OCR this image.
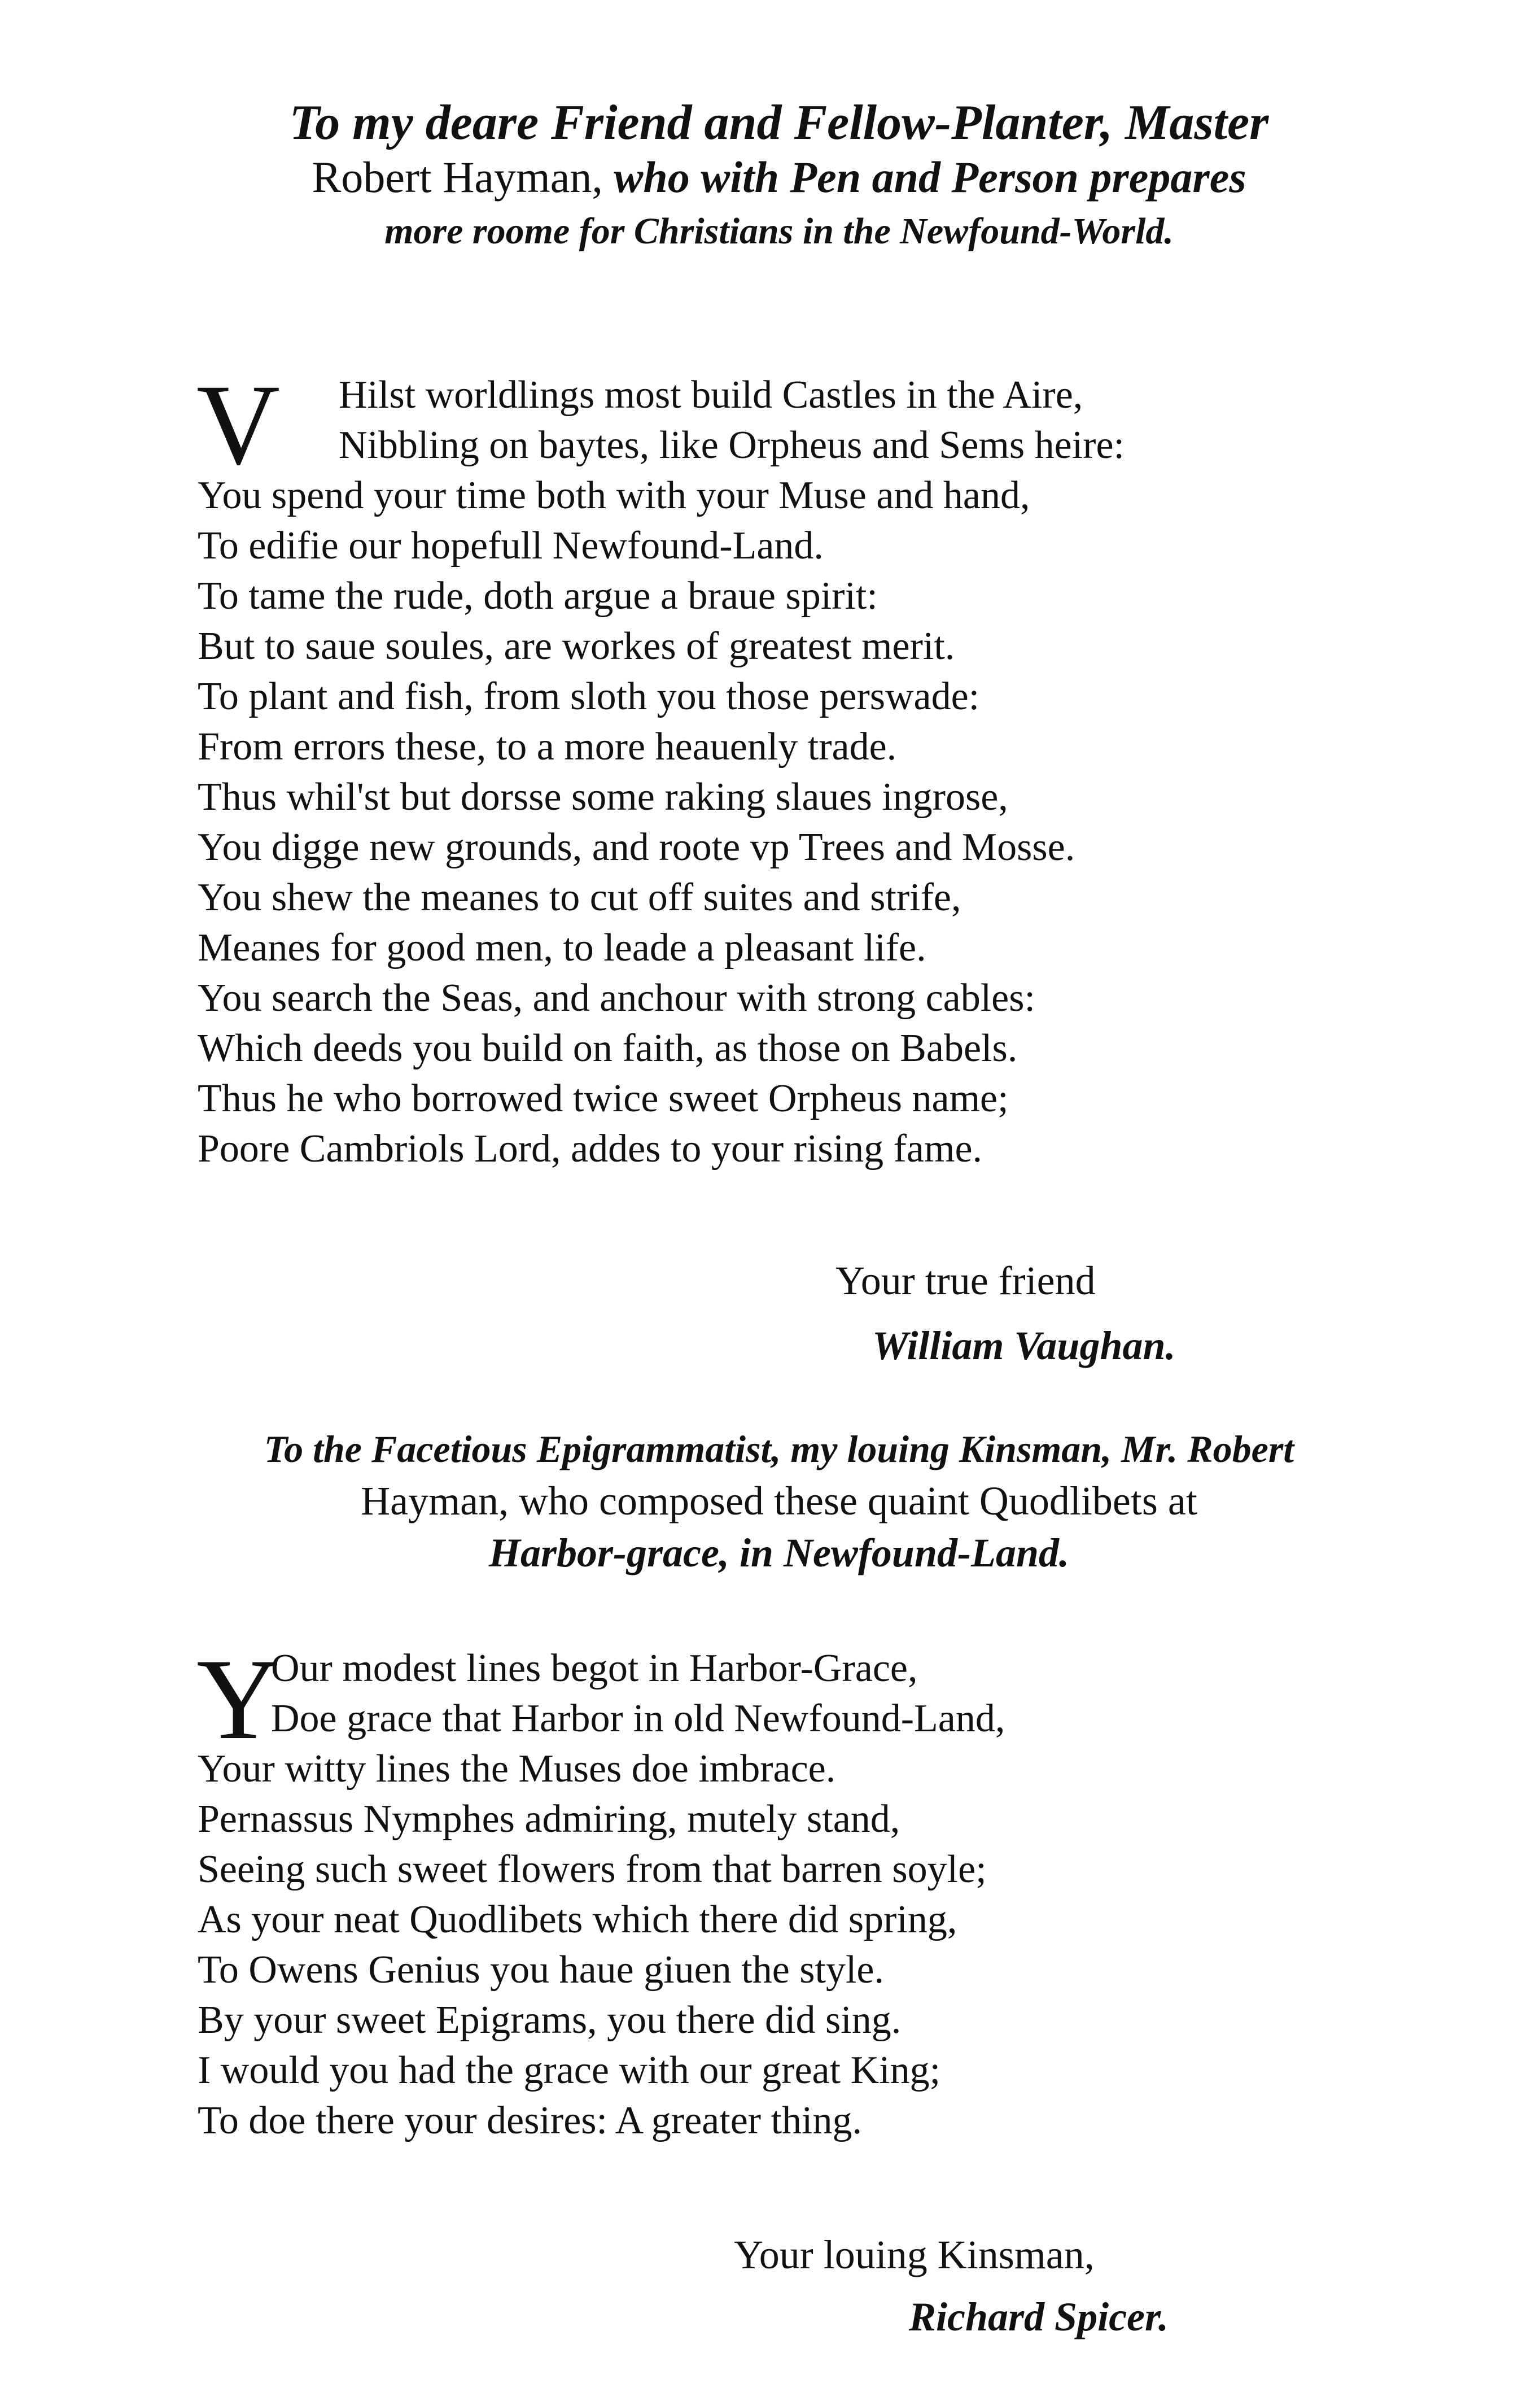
To my deare Friend and Fellow-Planter, Master
Robert Hayman, who with Pen and Person prepares
more roome for Christians in the Newfound-World.
V	Hilst worldlings most build Castles in the Aire,
Nibbling on baytes, like Orpheus and Sems heire:
You spend your time both with your Muse and hand,
To edifie our hopefull Newfound-Land.
To tame the rude, doth argue a braue spirit:
But to saue soules, are workes of greatest merit.
To plant and fish, from sloth you those perswade:
From errors these, to a more heauenly trade.
Thus whil'st but dorsse some raking slaues ingrose,
You digge new grounds, and roote vp Trees and Mosse.
You shew the meanes to cut off suites and strife,
Meanes for good men, to leade a pleasant life.
You search the Seas, and anchour with strong cables:
Which deeds you build on faith, as those on Babels.
Thus he who borrowed twice sweet Orpheus name;
Poore Cambriols Lord, addes to your rising fame.
Your true friend
William Vaughan.
To the Facetious Epigrammatist, my louing Kinsman, Mr. Robert
Hayman, who composed these quaint Quodlibets at
Harbor-grace, in Newfound-Land.
Y
Our modest lines begot in Harbor-Grace,
Doe grace that Harbor in old Newfound-Land,
Your witty lines the Muses doe imbrace.
Pernassus Nymphes admiring, mutely stand,
Seeing such sweet flowers from that barren soyle;
As your neat Quodlibets which there did spring,
To Owens Genius you haue giuen the style.
By your sweet Epigrams, you there did sing.
I would you had the grace with our great King;
To doe there your desires: A greater thing.
Your louing Kinsman,
Richard Spicer.
